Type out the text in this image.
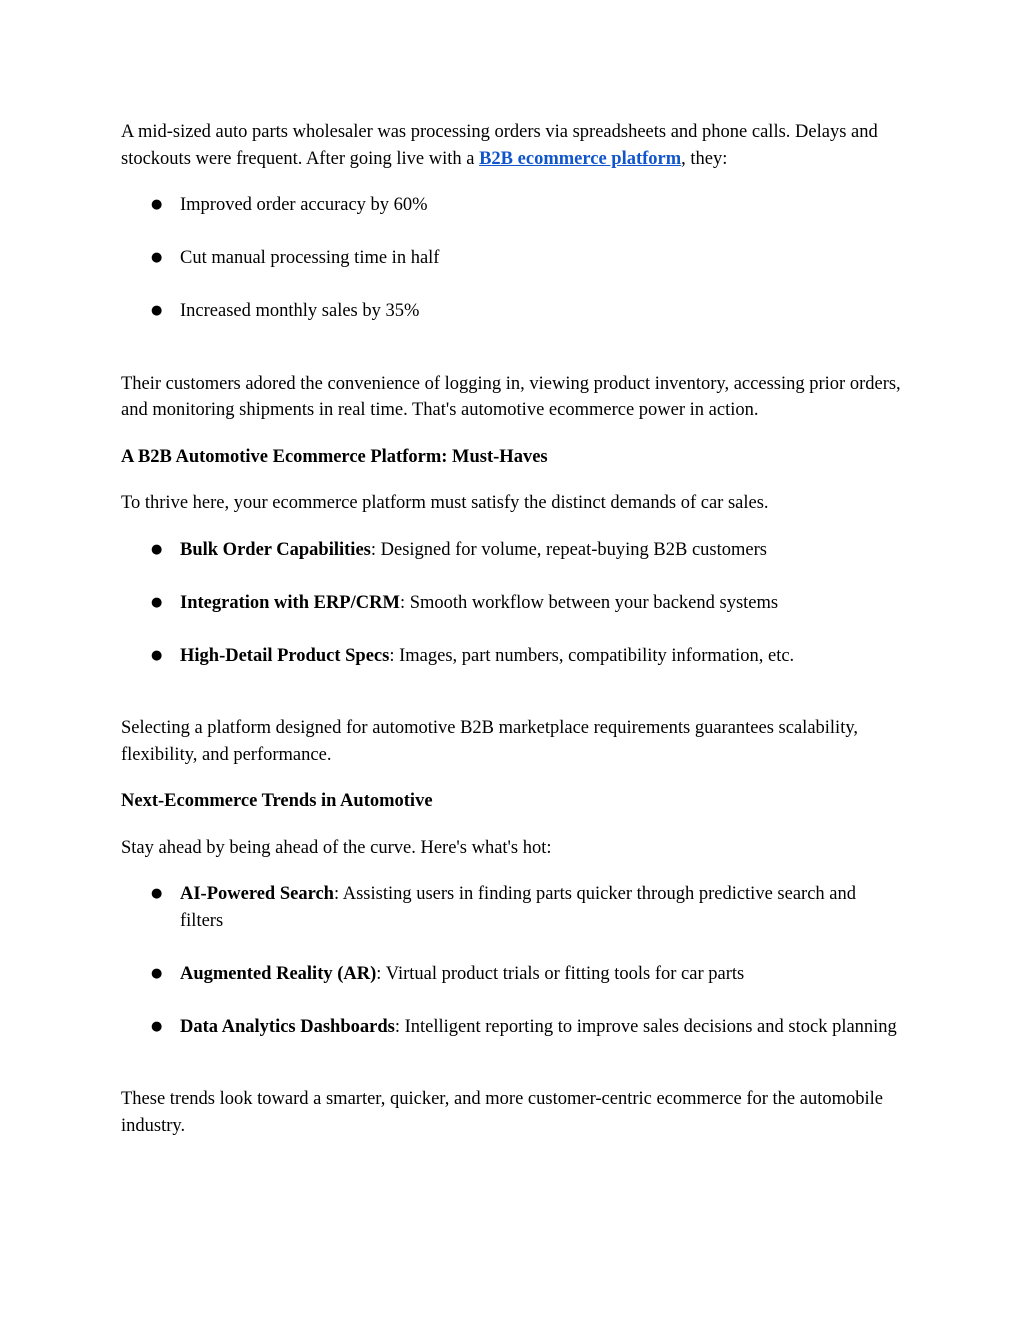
A mid-sized auto parts wholesaler was processing orders via spreadsheets and phone calls. Delays and stockouts were frequent. After going live with a B2B ecommerce platform, they:

● Improved order accuracy by 60%
● Cut manual processing time in half
● Increased monthly sales by 35%

Their customers adored the convenience of logging in, viewing product inventory, accessing prior orders, and monitoring shipments in real time. That's automotive ecommerce power in action.

A B2B Automotive Ecommerce Platform: Must-Haves

To thrive here, your ecommerce platform must satisfy the distinct demands of car sales.

● Bulk Order Capabilities: Designed for volume, repeat-buying B2B customers
● Integration with ERP/CRM: Smooth workflow between your backend systems
● High-Detail Product Specs: Images, part numbers, compatibility information, etc.

Selecting a platform designed for automotive B2B marketplace requirements guarantees scalability, flexibility, and performance.

Next-Ecommerce Trends in Automotive

Stay ahead by being ahead of the curve. Here's what's hot:

● AI-Powered Search: Assisting users in finding parts quicker through predictive search and filters
● Augmented Reality (AR): Virtual product trials or fitting tools for car parts
● Data Analytics Dashboards: Intelligent reporting to improve sales decisions and stock planning

These trends look toward a smarter, quicker, and more customer-centric ecommerce for the automobile industry.
